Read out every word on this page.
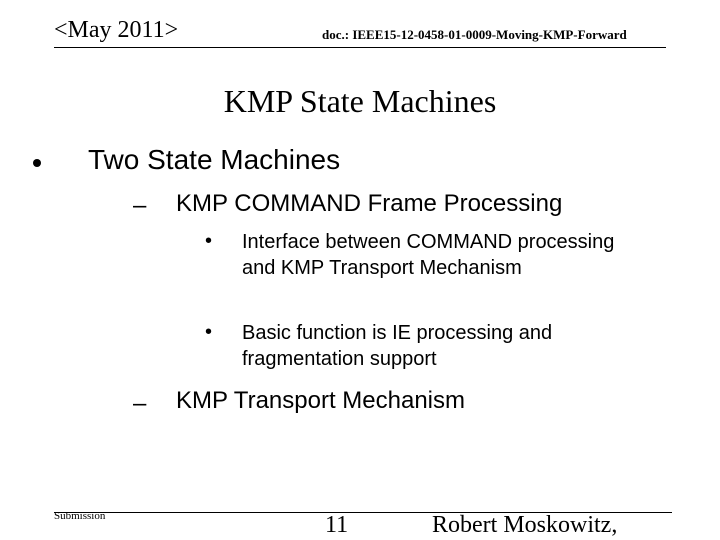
<May 2011>	doc.: IEEE15-12-0458-01-0009-Moving-KMP-Forward
KMP State Machines
Two State Machines
– KMP COMMAND Frame Processing
• Interface between COMMAND processing and KMP Transport Mechanism
• Basic function is IE processing and fragmentation support
– KMP Transport Mechanism
Submission	11	Robert Moskowitz,
